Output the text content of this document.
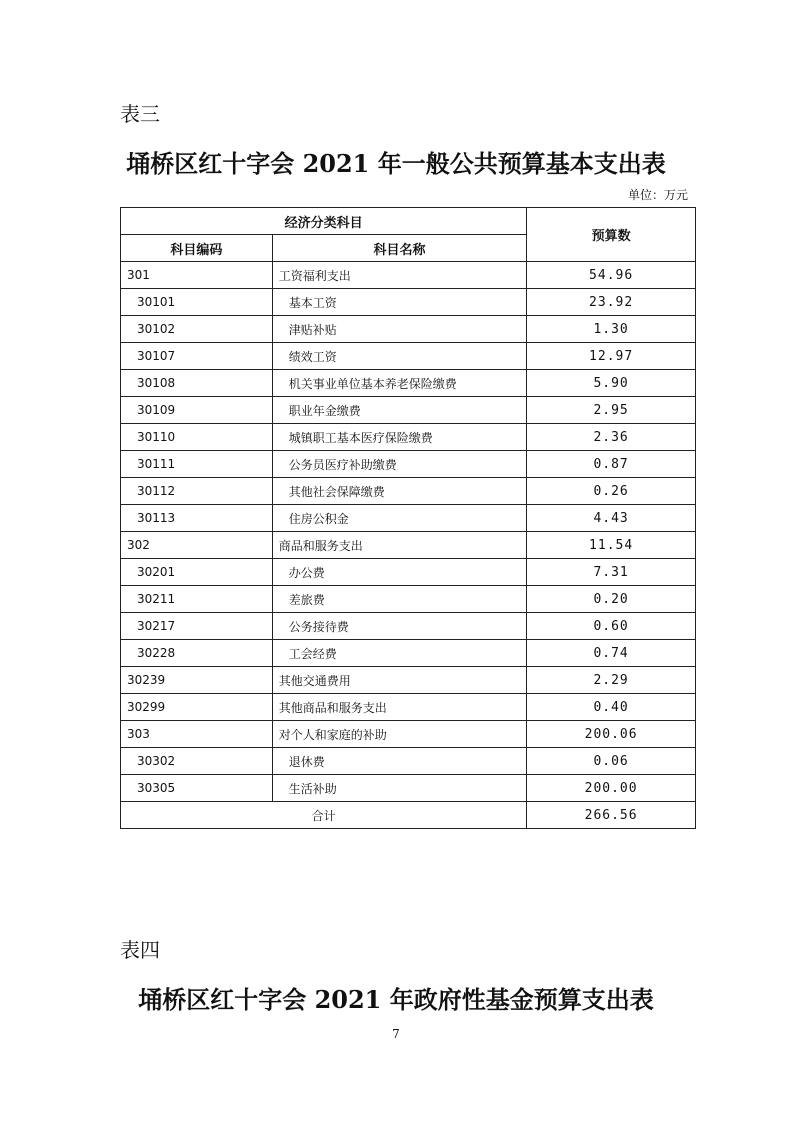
表三
埇桥区红十字会 2021 年一般公共预算基本支出表
单位：万元
经济分类科目		预算数
科目编码	科目名称	
301	工资福利支出	54.96
30101	基本工资	23.92
30102	津贴补贴	1.30
30107	绩效工资	12.97
30108	机关事业单位基本养老保险缴费	5.90
30109	职业年金缴费	2.95
30110	城镇职工基本医疗保险缴费	2.36
30111	公务员医疗补助缴费	0.87
30112	其他社会保障缴费	0.26
30113	住房公积金	4.43
302	商品和服务支出	11.54
30201	办公费	7.31
30211	差旅费	0.20
30217	公务接待费	0.60
30228	工会经费	0.74
30239	其他交通费用	2.29
30299	其他商品和服务支出	0.40
303	对个人和家庭的补助	200.06
30302	退休费	0.06
30305	生活补助	200.00
合计		266.56
表四
埇桥区红十字会 2021 年政府性基金预算支出表
7
